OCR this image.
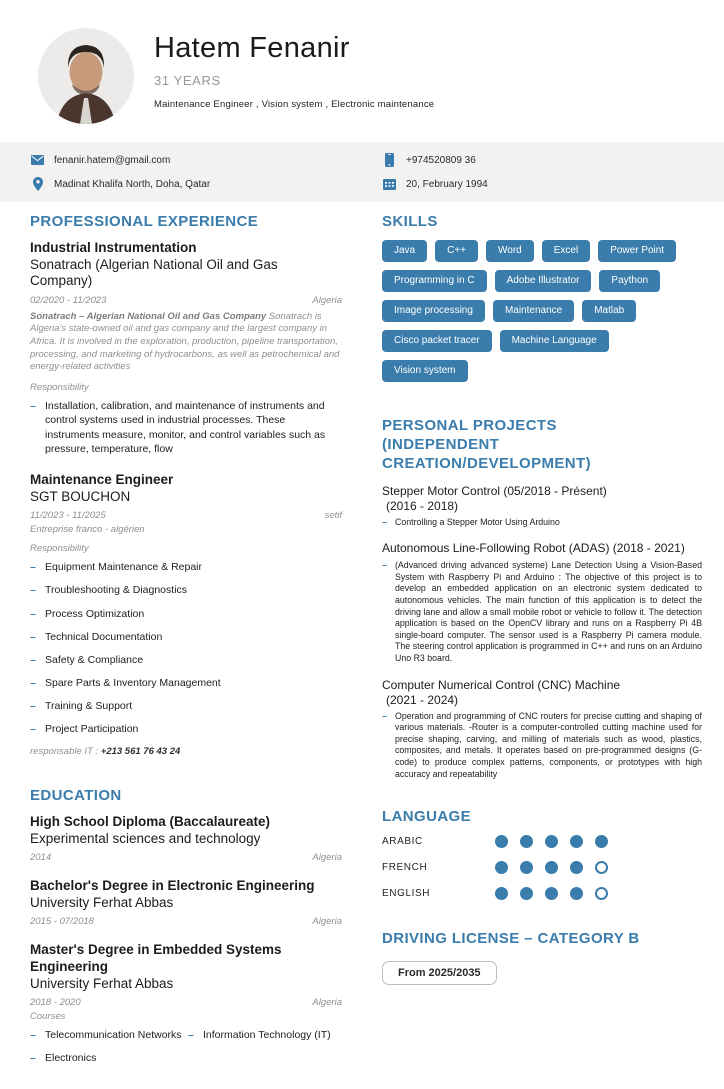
Hatem Fenanir
31 YEARS
Maintenance Engineer , Vision system , Electronic maintenance
fenanir.hatem@gmail.com
Madinat Khalifa North, Doha, Qatar
+974520809 36
20, February 1994
PROFESSIONAL EXPERIENCE
Industrial Instrumentation
Sonatrach (Algerian National Oil and Gas Company)
02/2020 - 11/2023	Algeria
Sonatrach – Algerian National Oil and Gas Company Sonatrach is Algeria's state-owned oil and gas company and the largest company in Africa. It is involved in the exploration, production, pipeline transportation, processing, and marketing of hydrocarbons, as well as petrochemical and energy-related activities
Responsibility
– Installation, calibration, and maintenance of instruments and control systems used in industrial processes. These instruments measure, monitor, and control variables such as pressure, temperature, flow
Maintenance Engineer
SGT BOUCHON
11/2023 - 11/2025	setif
Entreprise franco - algérien
Responsibility
– Equipment Maintenance & Repair
– Troubleshooting & Diagnostics
– Process Optimization
– Technical Documentation
– Safety & Compliance
– Spare Parts & Inventory Management
– Training & Support
– Project Participation
responsable IT : +213 561 76 43 24
EDUCATION
High School Diploma (Baccalaureate)
Experimental sciences and technology
2014	Algeria
Bachelor's Degree in Electronic Engineering
University Ferhat Abbas
2015 - 07/2018	Algeria
Master's Degree in Embedded Systems Engineering
University Ferhat Abbas
2018 - 2020	Algeria
Courses
– Telecommunication Networks
– Electronics
– Information Technology (IT)
SKILLS
Java	C++	Word	Excel	Power Point
Programming in C	Adobe Illustrator	Paython
Image processing	Maintenance	Matlab
Cisco packet tracer	Machine Language
Vision system
PERSONAL PROJECTS (INDEPENDENT CREATION/DEVELOPMENT)
Stepper Motor Control (05/2018 - Présent)
(2016 - 2018)
– Controlling a Stepper Motor Using Arduino
Autonomous Line-Following Robot (ADAS) (2018 - 2021)
– (Advanced driving advanced systeme) Lane Detection Using a Vision-Based System with Raspberry Pi and Arduino : The objective of this project is to develop an embedded application on an electronic system dedicated to autonomous vehicles. The main function of this application is to detect the driving lane and allow a small mobile robot or vehicle to follow it. The detection application is based on the OpenCV library and runs on a Raspberry Pi 4B single-board computer. The sensor used is a Raspberry Pi camera module. The steering control application is programmed in C++ and runs on an Arduino Uno R3 board.
Computer Numerical Control (CNC) Machine
(2021 - 2024)
– Operation and programming of CNC routers for precise cutting and shaping of various materials. -Router is a computer-controlled cutting machine used for precise shaping, carving, and milling of materials such as wood, plastics, composites, and metals. It operates based on pre-programmed designs (G-code) to produce complex patterns, components, or prototypes with high accuracy and repeatability
LANGUAGE
ARABIC
FRENCH
ENGLISH
DRIVING LICENSE – CATEGORY B
From 2025/2035
